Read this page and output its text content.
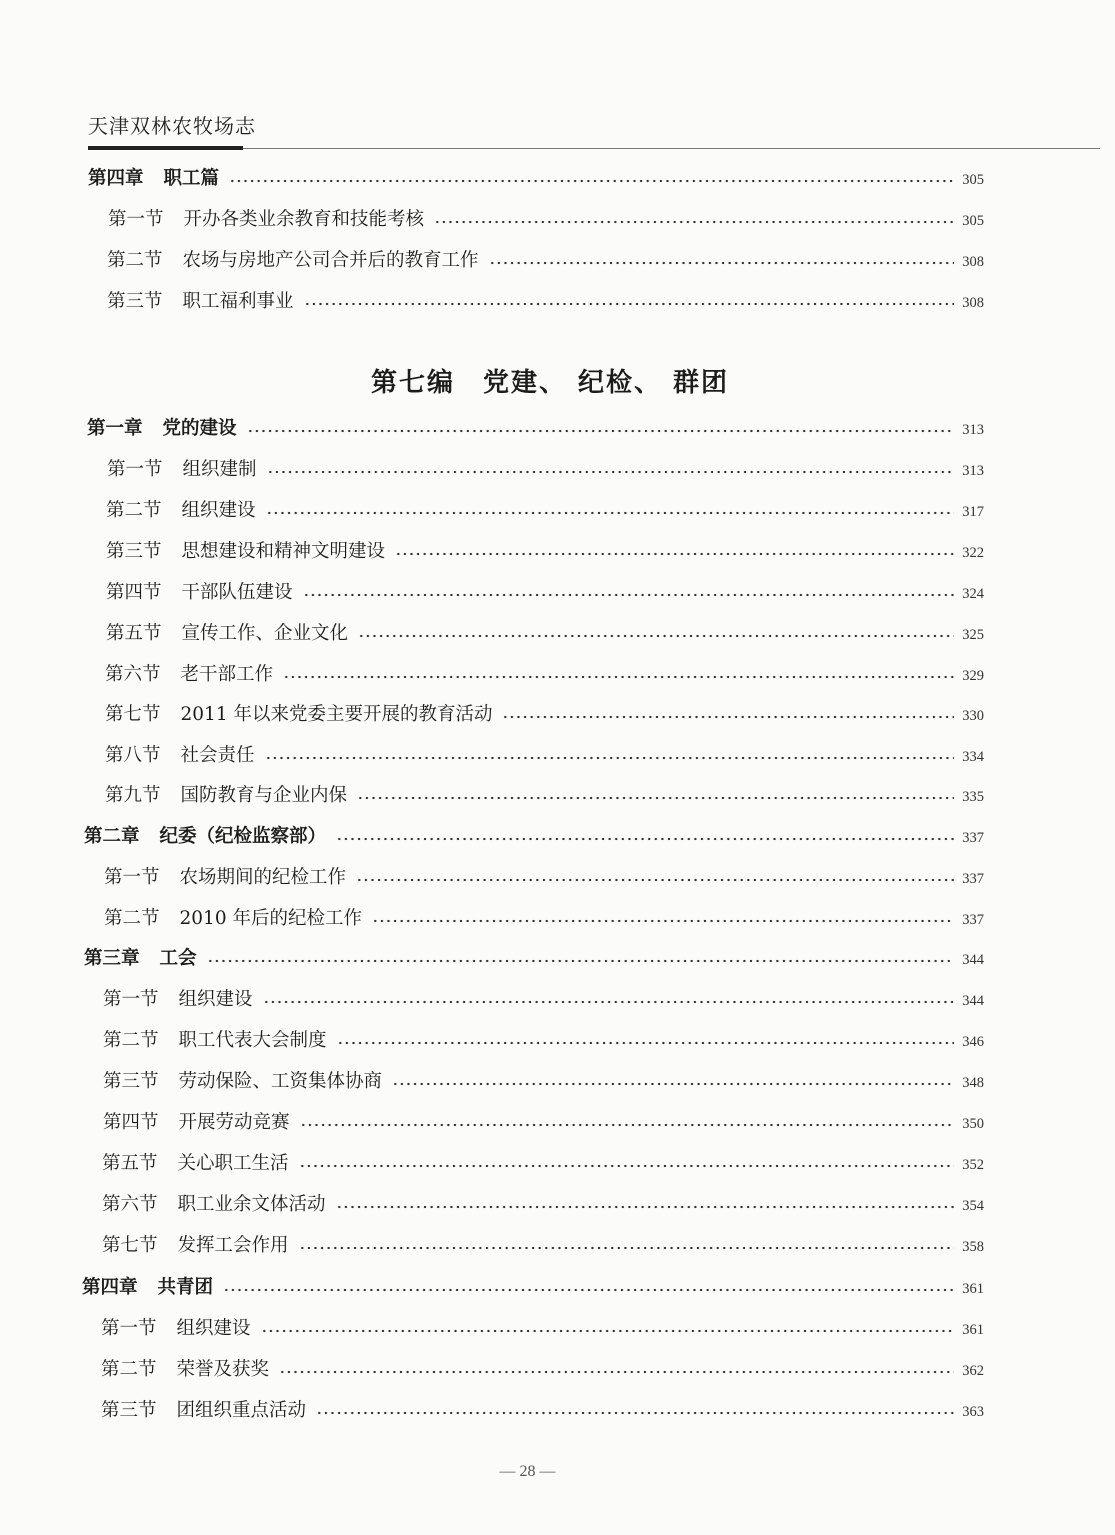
天津双林农牧场志
第四章 职工篇	305
第一节 开办各类业余教育和技能考核	305
第二节 农场与房地产公司合并后的教育工作	308
第三节 职工福利事业	308
第一章 党的建设	313
第一节 组织建制	313
第二节 组织建设	317
第三节 思想建设和精神文明建设	322
第四节 干部队伍建设	324
第五节 宣传工作、企业文化	325
第六节 老干部工作	329
第七节 2011 年以来党委主要开展的教育活动	330
第八节 社会责任	334
第九节 国防教育与企业内保	335
第二章 纪委（纪检监察部）	337
第一节 农场期间的纪检工作	337
第二节 2010 年后的纪检工作	337
第三章 工会	344
第一节 组织建设	344
第二节 职工代表大会制度	346
第三节 劳动保险、工资集体协商	348
第四节 开展劳动竞赛	350
第五节 关心职工生活	352
第六节 职工业余文体活动	354
第七节 发挥工会作用	358
第四章 共青团	361
第一节 组织建设	361
第二节 荣誉及获奖	362
第三节 团组织重点活动	363
第七编　党建、 纪检、 群团
— 28 —
